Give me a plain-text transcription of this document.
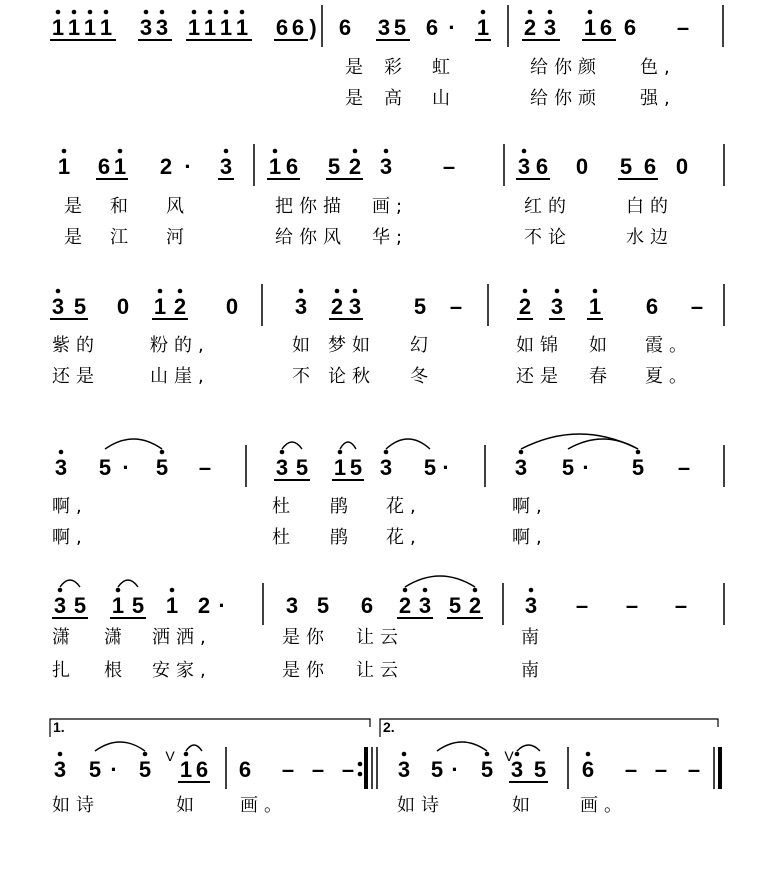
1 1 1 1 3 3 1 1 1 1 6 6 ) 6 3 5 6 · 1 2 3 1 6 6 –
是 彩 虹	给你颜 色,
是 高 山	给你顽 强,
1 6 1 2 · 3 1 6 5 2 3 –	3 6 0 5 6 0
是 和 风	把你描 画;	红的	白的
是 江 河	给你风 华;	不论	水边
3 5 0 1 2 0	3 2 3 5 –	2 3 1 6 –
紫的	粉的,	如 梦如 幻	如锦 如 霞。
还是	山崖,	不 论秋 冬	还是 春 夏。
3 5 · 5 –	3 5 1 5 3 5 ·	3 5 · 5 –
啊,	杜 鹃 花,	啊,
啊,	杜 鹃 花,	啊,
3 5 1 5 1 2 ·	3 5 6 2 3 5 2 3 – – –
潇 潇 洒洒,	是你 让云	南
扎 根 安家,	是你 让云	南
3 5 · 5 1 6 6 – – – 3 5 · 5 3 5 6 – – –
V	V
1.	2.
如诗	如 画。	如诗	如 画。
